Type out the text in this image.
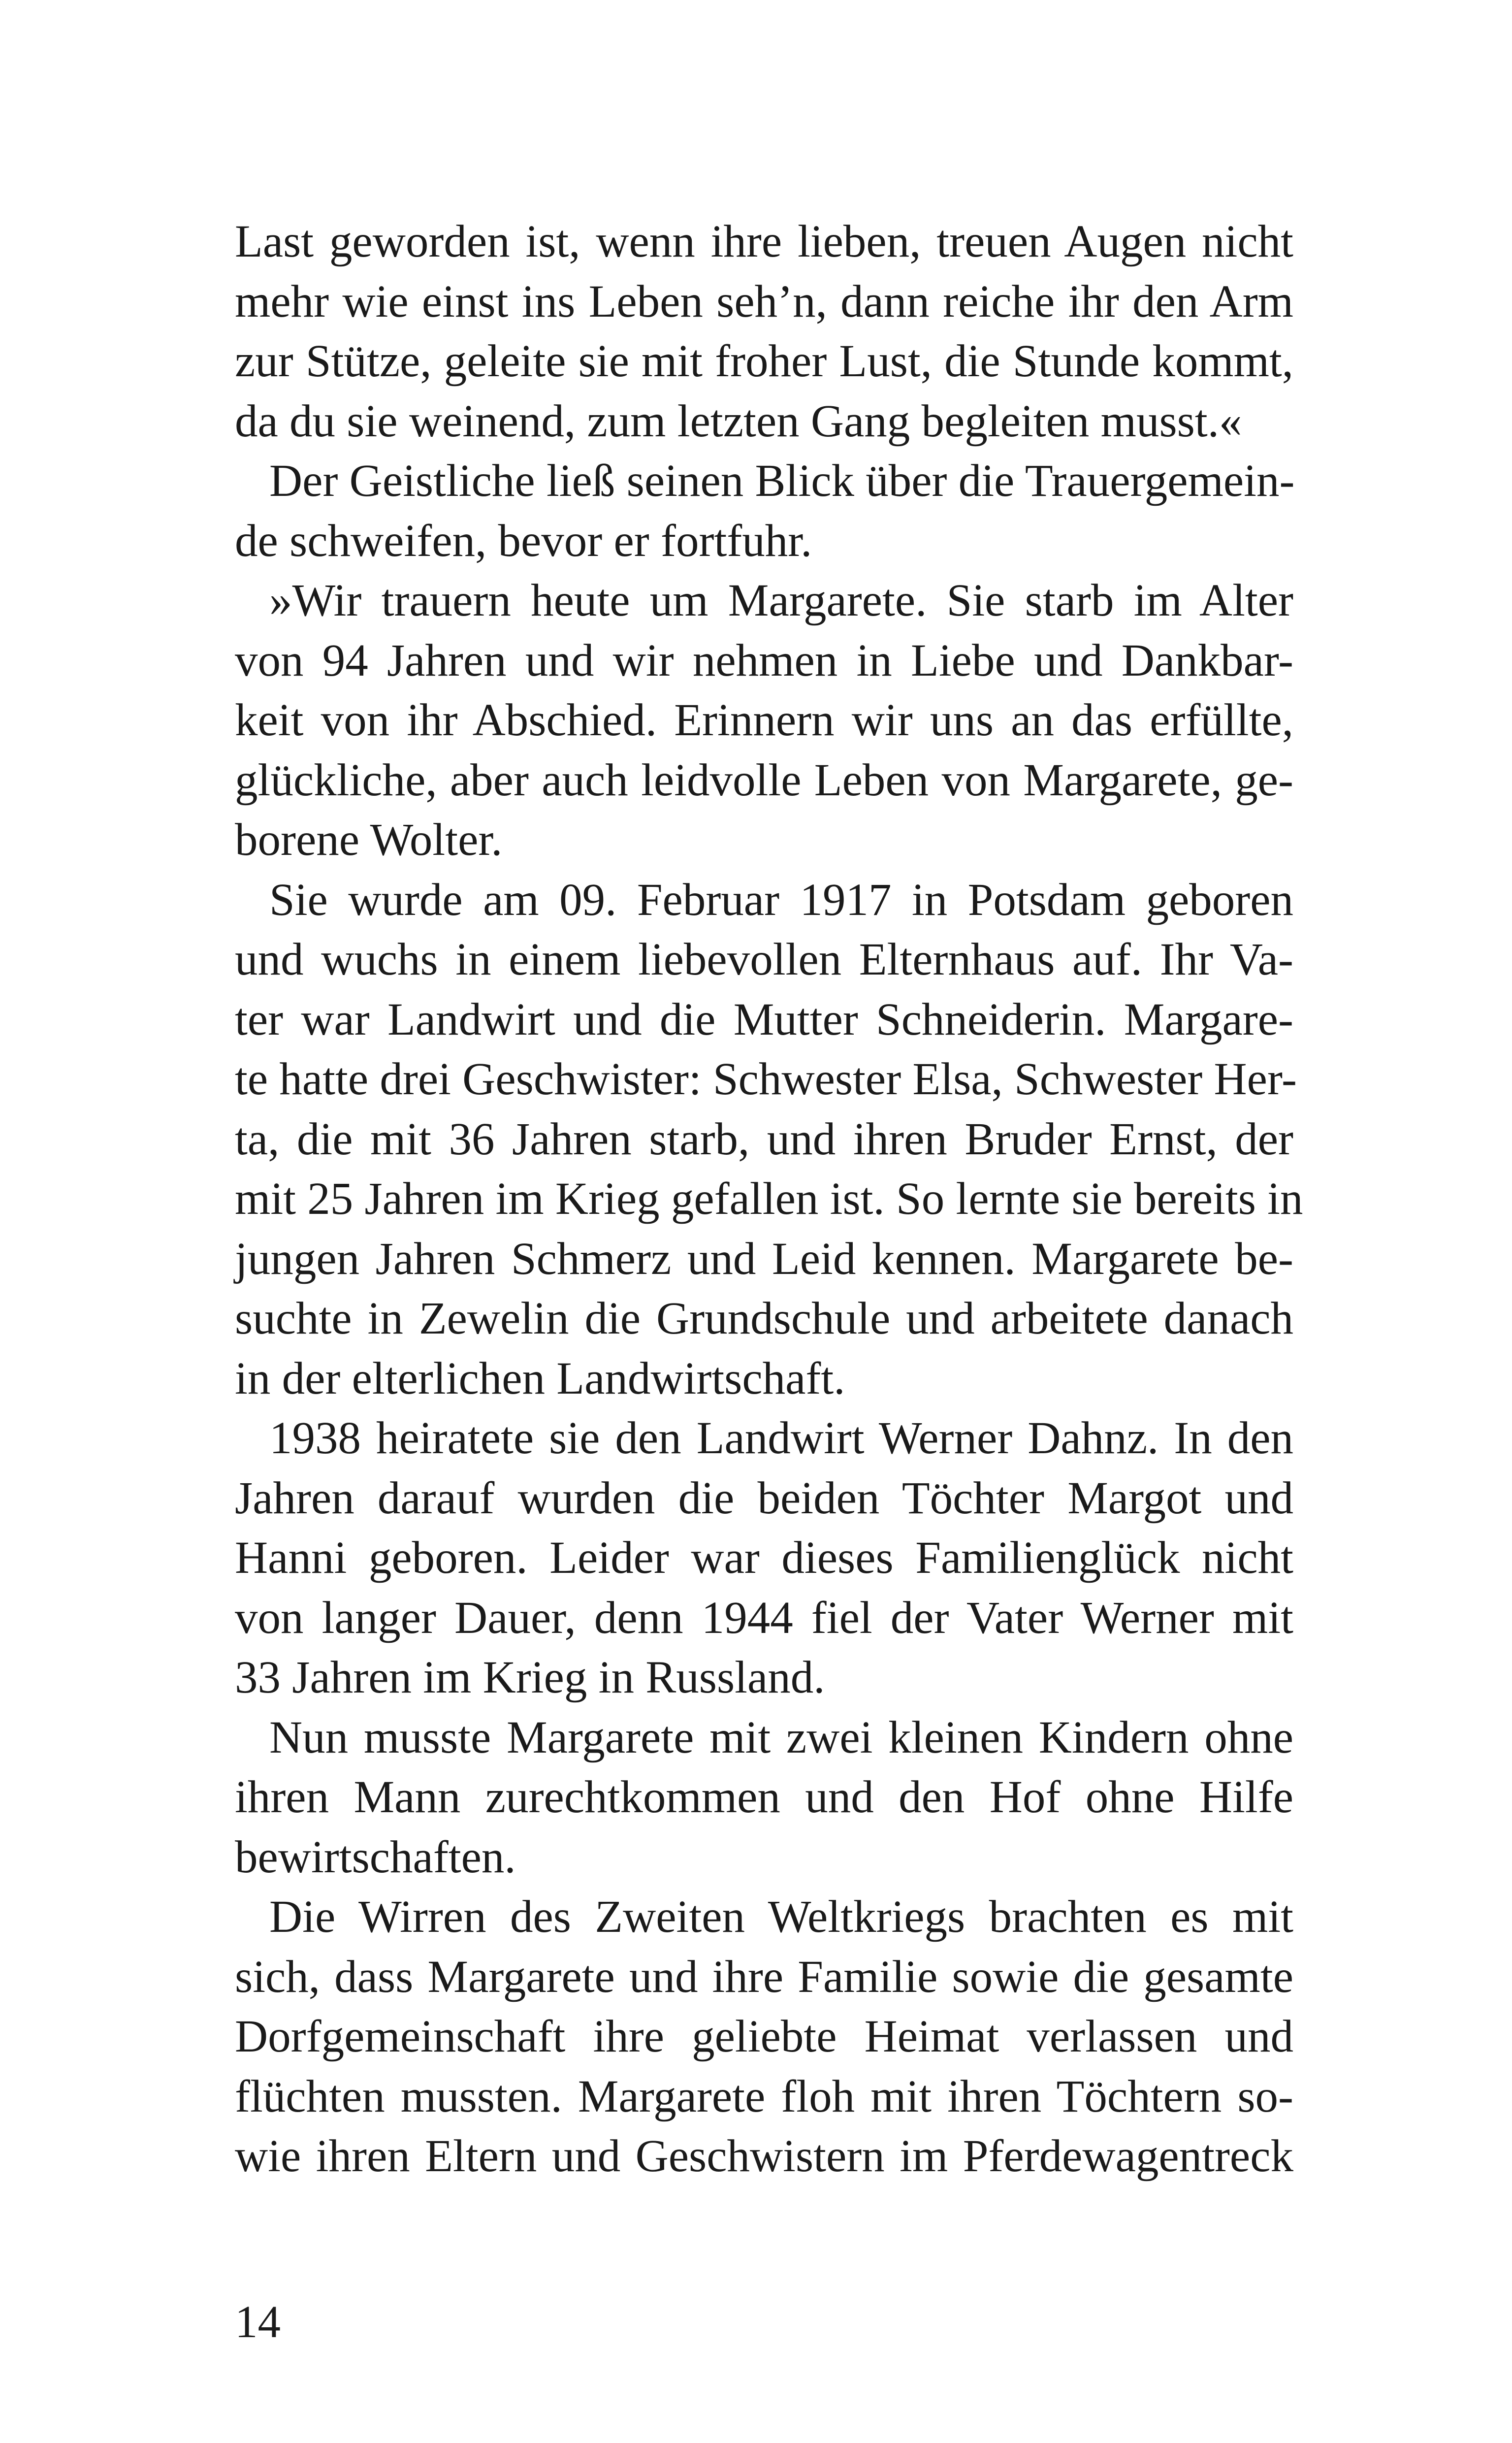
Last geworden ist, wenn ihre lieben, treuen Augen nicht
mehr wie einst ins Leben seh’n, dann reiche ihr den Arm
zur Stütze, geleite sie mit froher Lust, die Stunde kommt,
da du sie weinend, zum letzten Gang begleiten musst.«
Der Geistliche ließ seinen Blick über die Trauergemein-
de schweifen, bevor er fortfuhr.
»Wir trauern heute um Margarete. Sie starb im Alter
von 94 Jahren und wir nehmen in Liebe und Dankbar-
keit von ihr Abschied. Erinnern wir uns an das erfüllte,
glückliche, aber auch leidvolle Leben von Margarete, ge-
borene Wolter.
Sie wurde am 09. Februar 1917 in Potsdam geboren
und wuchs in einem liebevollen Elternhaus auf. Ihr Va-
ter war Landwirt und die Mutter Schneiderin. Margare-
te hatte drei Geschwister: Schwester Elsa, Schwester Her-
ta, die mit 36 Jahren starb, und ihren Bruder Ernst, der
mit 25 Jahren im Krieg gefallen ist. So lernte sie bereits in
jungen Jahren Schmerz und Leid kennen. Margarete be-
suchte in Zewelin die Grundschule und arbeitete danach
in der elterlichen Landwirtschaft.
1938 heiratete sie den Landwirt Werner Dahnz. In den
Jahren darauf wurden die beiden Töchter Margot und
Hanni geboren. Leider war dieses Familienglück nicht
von langer Dauer, denn 1944 fiel der Vater Werner mit
33 Jahren im Krieg in Russland.
Nun musste Margarete mit zwei kleinen Kindern ohne
ihren Mann zurechtkommen und den Hof ohne Hilfe
bewirtschaften.
Die Wirren des Zweiten Weltkriegs brachten es mit
sich, dass Margarete und ihre Familie sowie die gesamte
Dorfgemeinschaft ihre geliebte Heimat verlassen und
flüchten mussten. Margarete floh mit ihren Töchtern so-
wie ihren Eltern und Geschwistern im Pferdewagentreck
14
